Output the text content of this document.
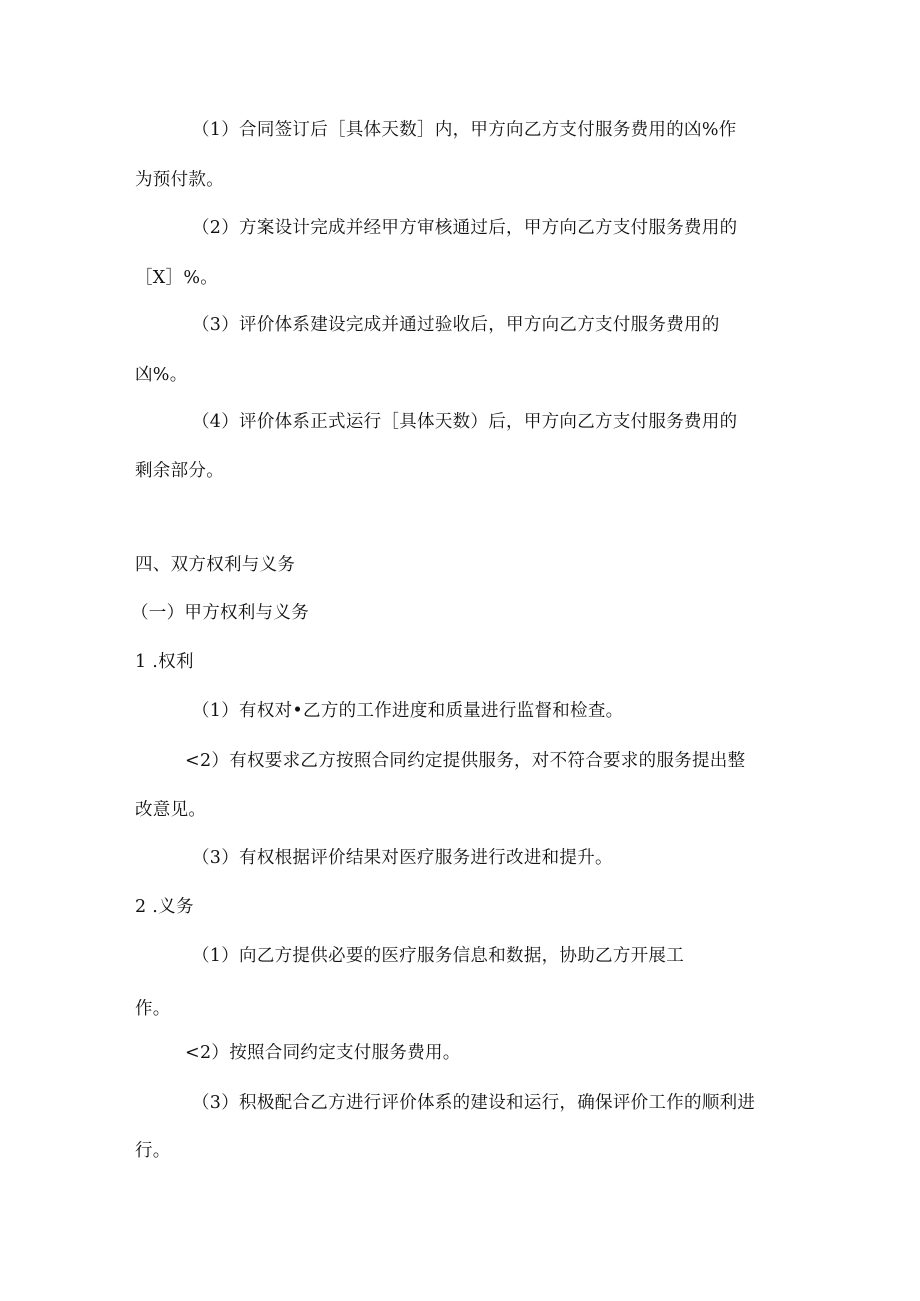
（1）合同签订后［具体天数］内，甲方向乙方支付服务费用的凶%作
为预付款。
（2）方案设计完成并经甲方审核通过后，甲方向乙方支付服务费用的
［X］%。
（3）评价体系建设完成并通过验收后，甲方向乙方支付服务费用的
凶%。
（4）评价体系正式运行［具体天数）后，甲方向乙方支付服务费用的
剩余部分。
四、双方权利与义务
（一）甲方权利与义务
1 .权利
（1）有权对•乙方的工作进度和质量进行监督和检查。
<2）有权要求乙方按照合同约定提供服务，对不符合要求的服务提出整
改意见。
（3）有权根据评价结果对医疗服务进行改进和提升。
2 .义务
（1）向乙方提供必要的医疗服务信息和数据，协助乙方开展工
作。
<2）按照合同约定支付服务费用。
（3）积极配合乙方进行评价体系的建设和运行，确保评价工作的顺利进
行。
